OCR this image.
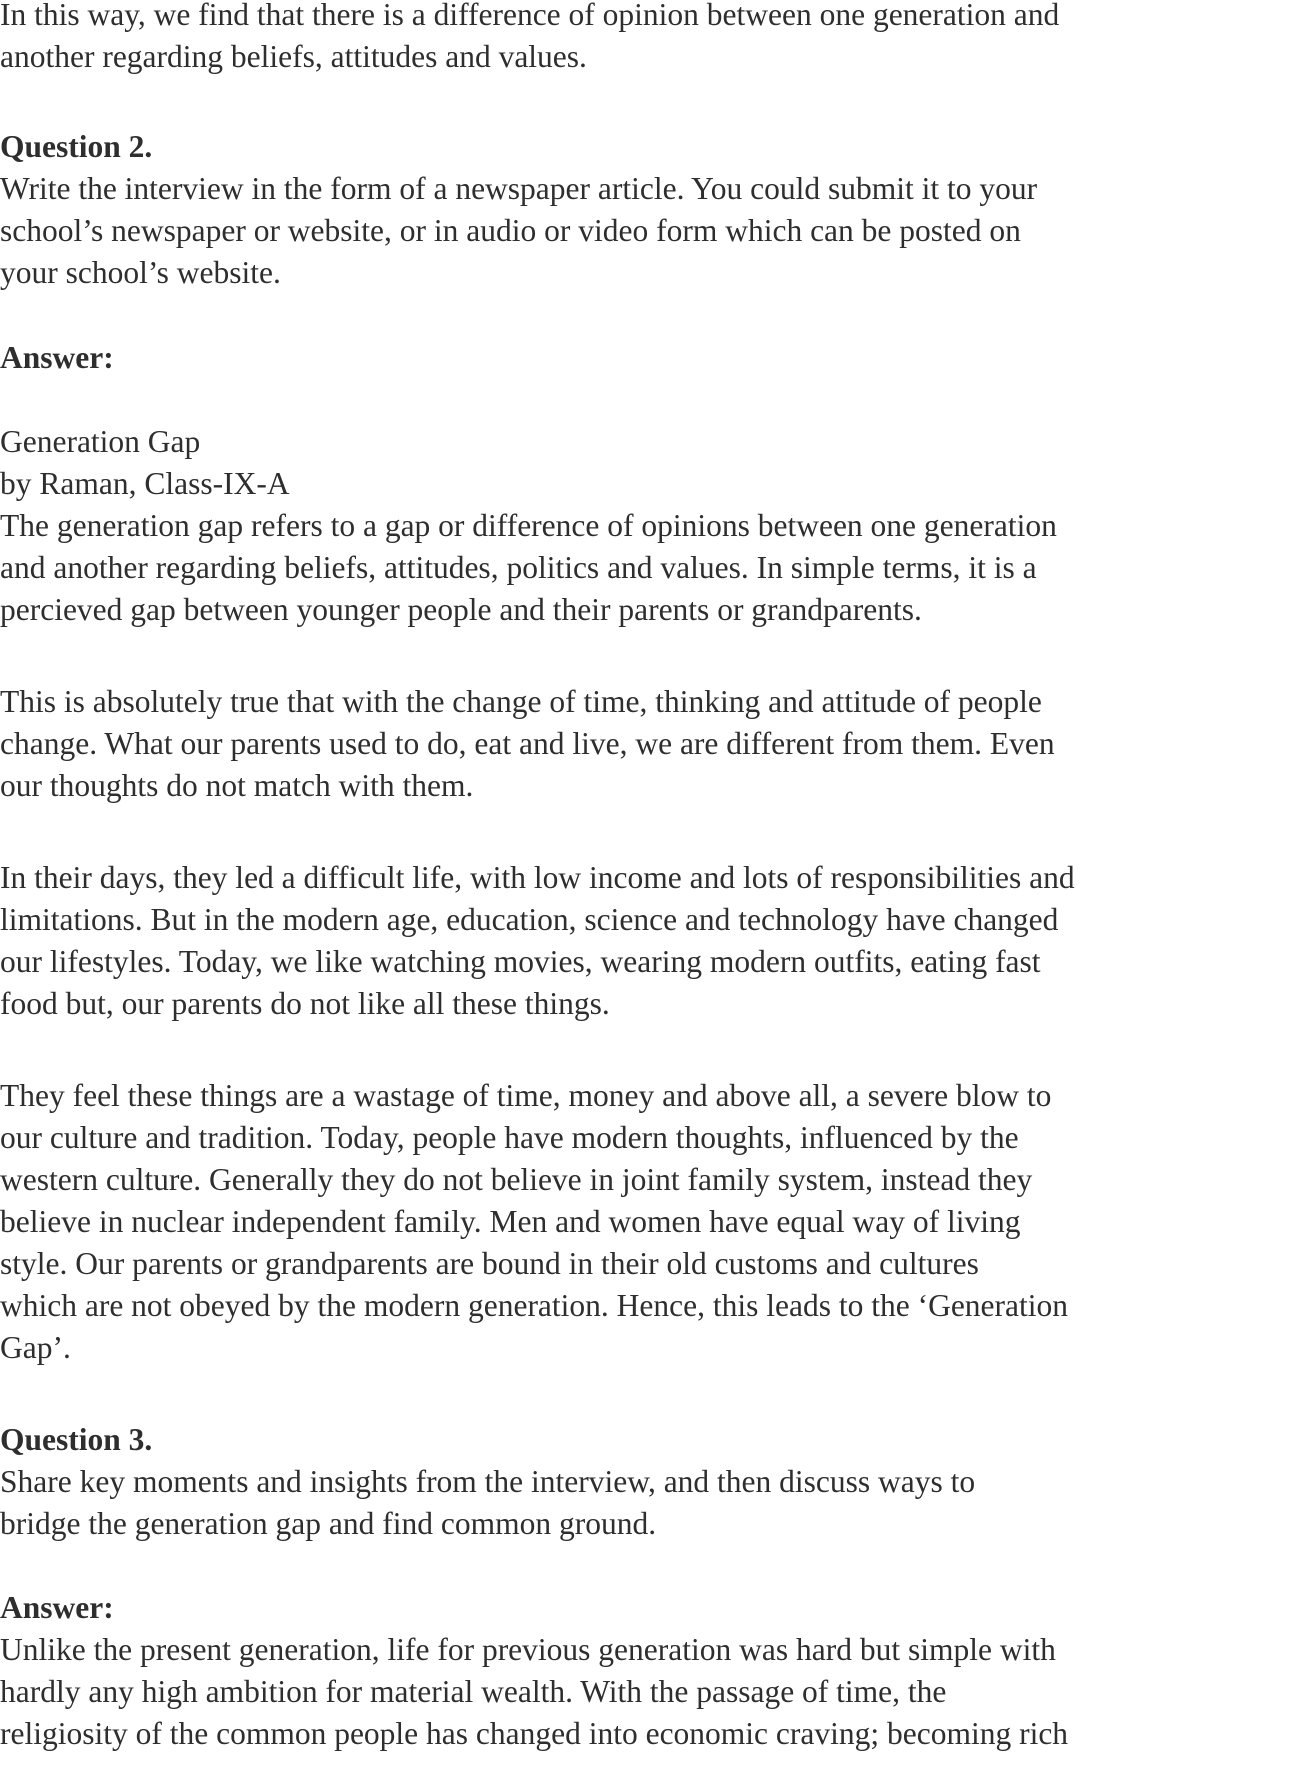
In this way, we find that there is a difference of opinion between one generation and
another regarding beliefs, attitudes and values.
Question 2.
Write the interview in the form of a newspaper article. You could submit it to your
school’s newspaper or website, or in audio or video form which can be posted on
your school’s website.
Answer:
Generation Gap
by Raman, Class-IX-A
The generation gap refers to a gap or difference of opinions between one generation
and another regarding beliefs, attitudes, politics and values. In simple terms, it is a
percieved gap between younger people and their parents or grandparents.
This is absolutely true that with the change of time, thinking and attitude of people
change. What our parents used to do, eat and live, we are different from them. Even
our thoughts do not match with them.
In their days, they led a difficult life, with low income and lots of responsibilities and
limitations. But in the modern age, education, science and technology have changed
our lifestyles. Today, we like watching movies, wearing modern outfits, eating fast
food but, our parents do not like all these things.
They feel these things are a wastage of time, money and above all, a severe blow to
our culture and tradition. Today, people have modern thoughts, influenced by the
western culture. Generally they do not believe in joint family system, instead they
believe in nuclear independent family. Men and women have equal way of living
style. Our parents or grandparents are bound in their old customs and cultures
which are not obeyed by the modern generation. Hence, this leads to the ‘Generation
Gap’.
Question 3.
Share key moments and insights from the interview, and then discuss ways to
bridge the generation gap and find common ground.
Answer:
Unlike the present generation, life for previous generation was hard but simple with
hardly any high ambition for material wealth. With the passage of time, the
religiosity of the common people has changed into economic craving; becoming rich
